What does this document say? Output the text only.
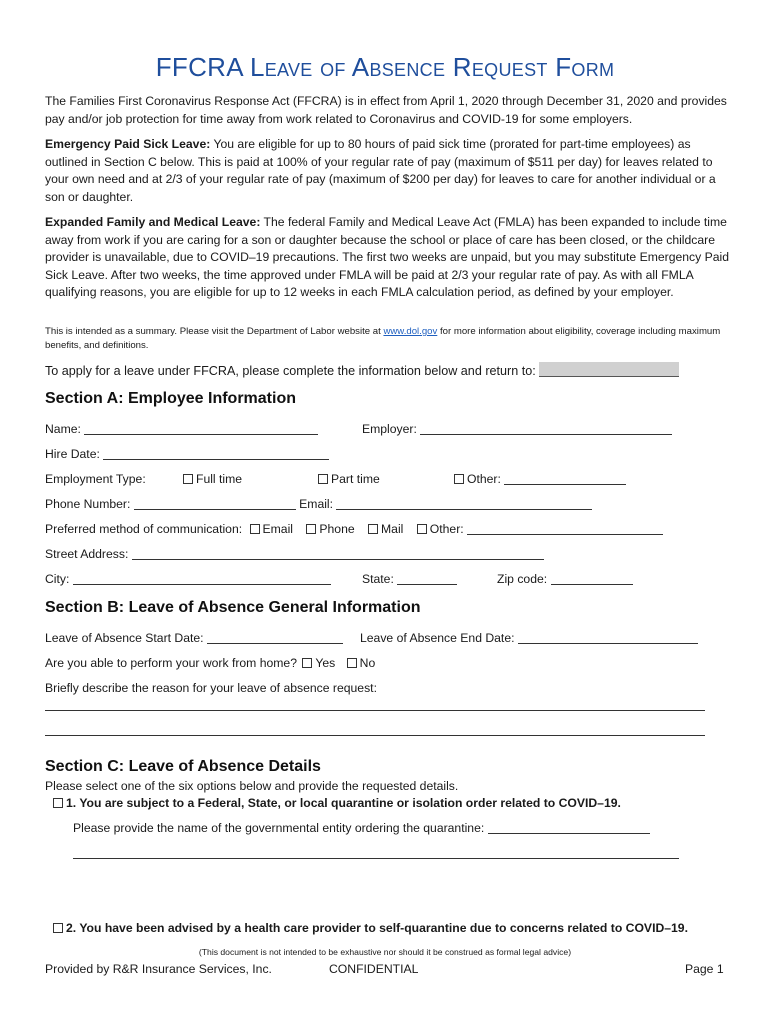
FFCRA Leave of Absence Request Form
The Families First Coronavirus Response Act (FFCRA) is in effect from April 1, 2020 through December 31, 2020 and provides pay and/or job protection for time away from work related to Coronavirus and COVID-19 for some employers.
Emergency Paid Sick Leave: You are eligible for up to 80 hours of paid sick time (prorated for part-time employees) as outlined in Section C below. This is paid at 100% of your regular rate of pay (maximum of $511 per day) for leaves related to your own need and at 2/3 of your regular rate of pay (maximum of $200 per day) for leaves to care for another individual or a son or daughter.
Expanded Family and Medical Leave: The federal Family and Medical Leave Act (FMLA) has been expanded to include time away from work if you are caring for a son or daughter because the school or place of care has been closed, or the childcare provider is unavailable, due to COVID–19 precautions. The first two weeks are unpaid, but you may substitute Emergency Paid Sick Leave. After two weeks, the time approved under FMLA will be paid at 2/3 your regular rate of pay. As with all FMLA qualifying reasons, you are eligible for up to 12 weeks in each FMLA calculation period, as defined by your employer.
This is intended as a summary. Please visit the Department of Labor website at www.dol.gov for more information about eligibility, coverage including maximum benefits, and definitions.
To apply for a leave under FFCRA, please complete the information below and return to:
Section A: Employee Information
Name:	Employer:
Hire Date:
Employment Type:	Full time	Part time	Other:
Phone Number:	Email:
Preferred method of communication: Email Phone Mail Other:
Street Address:
City:	State:	Zip code:
Section B: Leave of Absence General Information
Leave of Absence Start Date:	Leave of Absence End Date:
Are you able to perform your work from home? Yes No
Briefly describe the reason for your leave of absence request:
Section C: Leave of Absence Details
Please select one of the six options below and provide the requested details.
1. You are subject to a Federal, State, or local quarantine or isolation order related to COVID–19.
Please provide the name of the governmental entity ordering the quarantine:
2. You have been advised by a health care provider to self-quarantine due to concerns related to COVID–19.
(This document is not intended to be exhaustive nor should it be construed as formal legal advice)
Provided by R&R Insurance Services, Inc.	CONFIDENTIAL	Page 1
